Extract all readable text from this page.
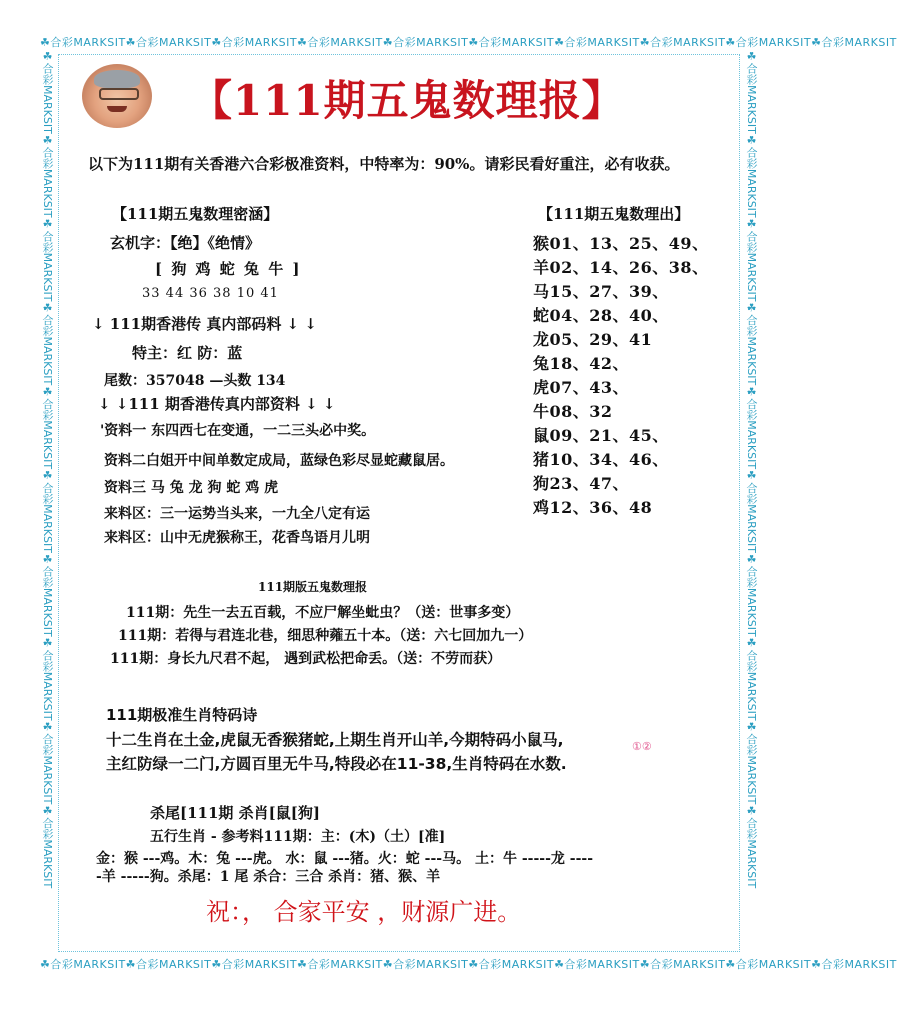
☘合彩MARKSIT☘合彩MARKSIT☘合彩MARKSIT☘合彩MARKSIT☘合彩MARKSIT☘合彩MARKSIT☘合彩MARKSIT☘合彩MARKSIT☘合彩MARKSIT☘合彩MARKSIT
☘合彩MARKSIT☘合彩MARKSIT☘合彩MARKSIT☘合彩MARKSIT☘合彩MARKSIT☘合彩MARKSIT☘合彩MARKSIT☘合彩MARKSIT☘合彩MARKSIT☘合彩MARKSIT
☘合彩MARKSIT☘合彩MARKSIT☘合彩MARKSIT☘合彩MARKSIT☘合彩MARKSIT☘合彩MARKSIT☘合彩MARKSIT☘合彩MARKSIT☘合彩MARKSIT☘合彩MARKSIT	☘合彩MARKSIT☘合彩MARKSIT☘合彩MARKSIT☘合彩MARKSIT☘合彩MARKSIT☘合彩MARKSIT☘合彩MARKSIT☘合彩MARKSIT☘合彩MARKSIT☘合彩MARKSIT
【111期五鬼数理报】
以下为111期有关香港六合彩极准资料，中特率为：90%。请彩民看好重注，必有收获。
【111期五鬼数理密涵】
玄机字：【绝】《绝情》
[ 狗 鸡 蛇 兔 牛 ]
33 44 36 38 10 41
↓ 111期香港传 真内部码料 ↓ ↓
特主：红 防：蓝
尾数：357048 —头数 134
↓ ↓111 期香港传真内部资料 ↓ ↓
'资料一 东四西七在变通，一二三头必中奖。
资料二白姐开中间单数定成局，蓝绿色彩尽显蛇藏鼠居。
资料三 马 兔 龙 狗 蛇 鸡 虎
来料区：三一运势当头来，一九全八定有运
来料区：山中无虎猴称王，花香鸟语月儿明
【111期五鬼数理出】
猴01、13、25、49、
羊02、14、26、38、
马15、27、39、
蛇04、28、40、
龙05、29、41
兔18、42、
虎07、43、
牛08、32
鼠09、21、45、
猪10、34、46、
狗23、47、
鸡12、36、48
111期版五鬼数理报
111期：先生一去五百载，不应尸解坐蚍虫？（送：世事多变）
111期：若得与君连北巷，细思种蕹五十本。（送：六七回加九一）
111期：身长九尺君不起， 遇到武松把命丢。（送：不劳而获）
111期极准生肖特码诗
十二生肖在土金,虎鼠无香猴猪蛇,上期生肖开山羊,今期特码小鼠马,
主红防绿一二门,方圆百里无牛马,特段必在11-38,生肖特码在水数.
①②
杀尾[111期 杀肖[鼠[狗]
五行生肖 - 参考料111期：主：(木)（土）[准]
金：猴 ---鸡。木：兔 ---虎。 水：鼠 ---猪。火：蛇 ---马。 土：牛 -----龙 ----
-羊 -----狗。杀尾：1 尾 杀合：三合 杀肖：猪、猴、羊
祝：， 合家平安 ，财源广进。
